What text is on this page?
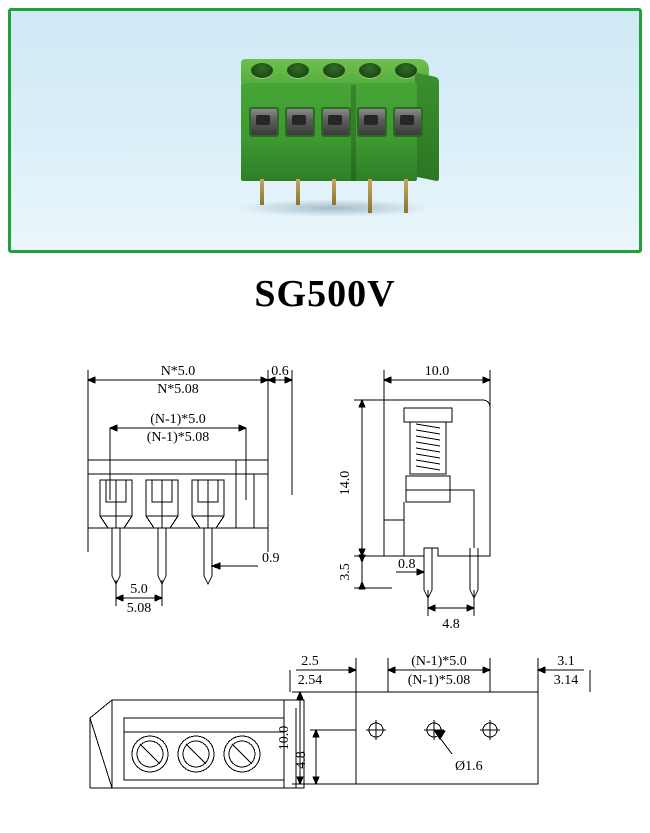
SG500V
N*5.0
N*5.08
0.6
(N-1)*5.0
(N-1)*5.08
0.9
5.0
5.08
10.0
14.0
3.5	0.8
4.8
2.5
2.54
(N-1)*5.0
(N-1)*5.08
3.1
3.14
10.0
4.8	Ø1.6
